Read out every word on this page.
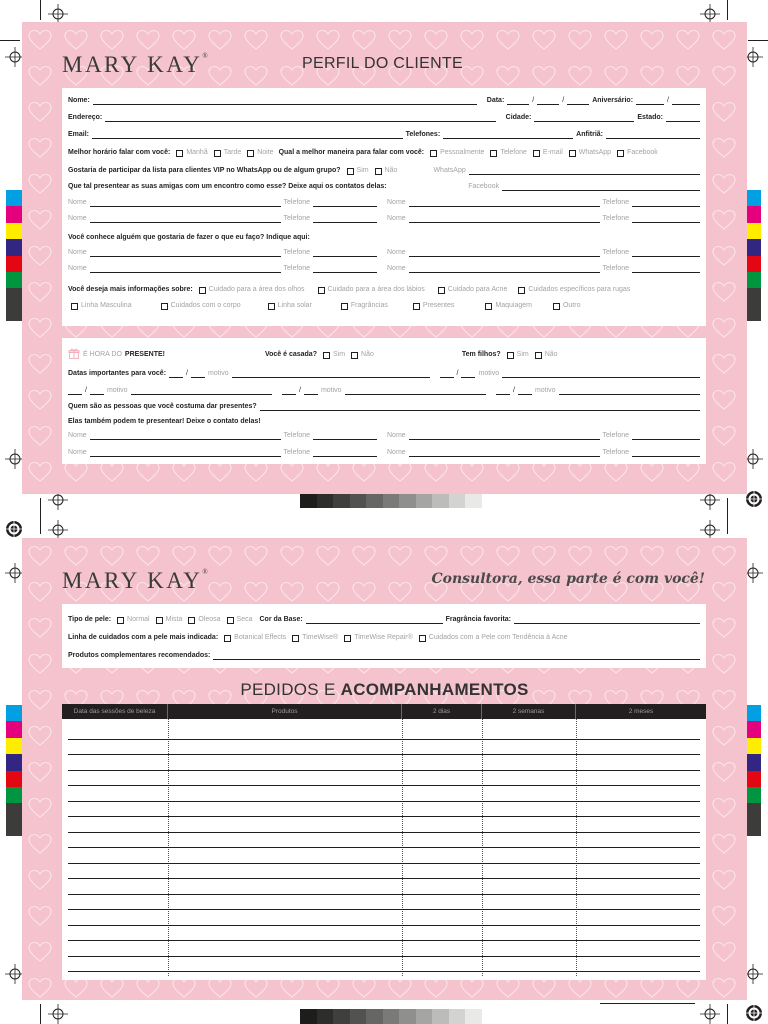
MARY KAY®	PERFIL DO CLIENTE
Nome:	Data:	/	/	Aniversário:	/
Endereço:	Cidade:	Estado:
Email:	Telefones:	Anfitriã:
Melhor horário falar com você: Manhã Tarde Noite Qual a melhor maneira para falar com você: Pessoalmente Telefone E-mail WhatsApp Facebook
Gostaria de participar da lista para clientes VIP no WhatsApp ou de algum grupo? Sim Não	WhatsApp
Que tal presentear as suas amigas com um encontro como esse? Deixe aqui os contatos delas:	Facebook
Nome	Telefone	Nome	Telefone
Nome	Telefone	Nome	Telefone
Você conhece alguém que gostaria de fazer o que eu faço? Indique aqui:
Nome	Telefone	Nome	Telefone
Nome	Telefone	Nome	Telefone
Você deseja mais informações sobre: Cuidado para a área dos olhos	Cuidado para a área dos lábios	Cuidado para Acne	Cuidados específicos para rugas
Linha Masculina	Cuidados com o corpo	Linha solar	Fragrâncias	Presentes	Maquiagem	Outro
É HORA DO PRESENTE!	Você é casada? Sim Não	Tem filhos? Sim Não
Datas importantes para você:	/	motivo	/	motivo
/	motivo	/	motivo	/	motivo
Quem são as pessoas que você costuma dar presentes?
Elas também podem te presentear! Deixe o contato delas!
Nome	Telefone	Nome	Telefone
Nome	Telefone	Nome	Telefone
MARY KAY®	Consultora, essa parte é com você!
Tipo de pele: Normal Mista Oleosa Seca Cor da Base:	Fragrância favorita:
Linha de cuidados com a pele mais indicada: Botanical Effects TimeWise® TimeWise Repair® Cuidados com a Pele com Tendência à Acne
Produtos complementares recomendados:
PEDIDOS E ACOMPANHAMENTOS
Data das sessões de beleza	Produtos	2 dias	2 semanas	2 meses
